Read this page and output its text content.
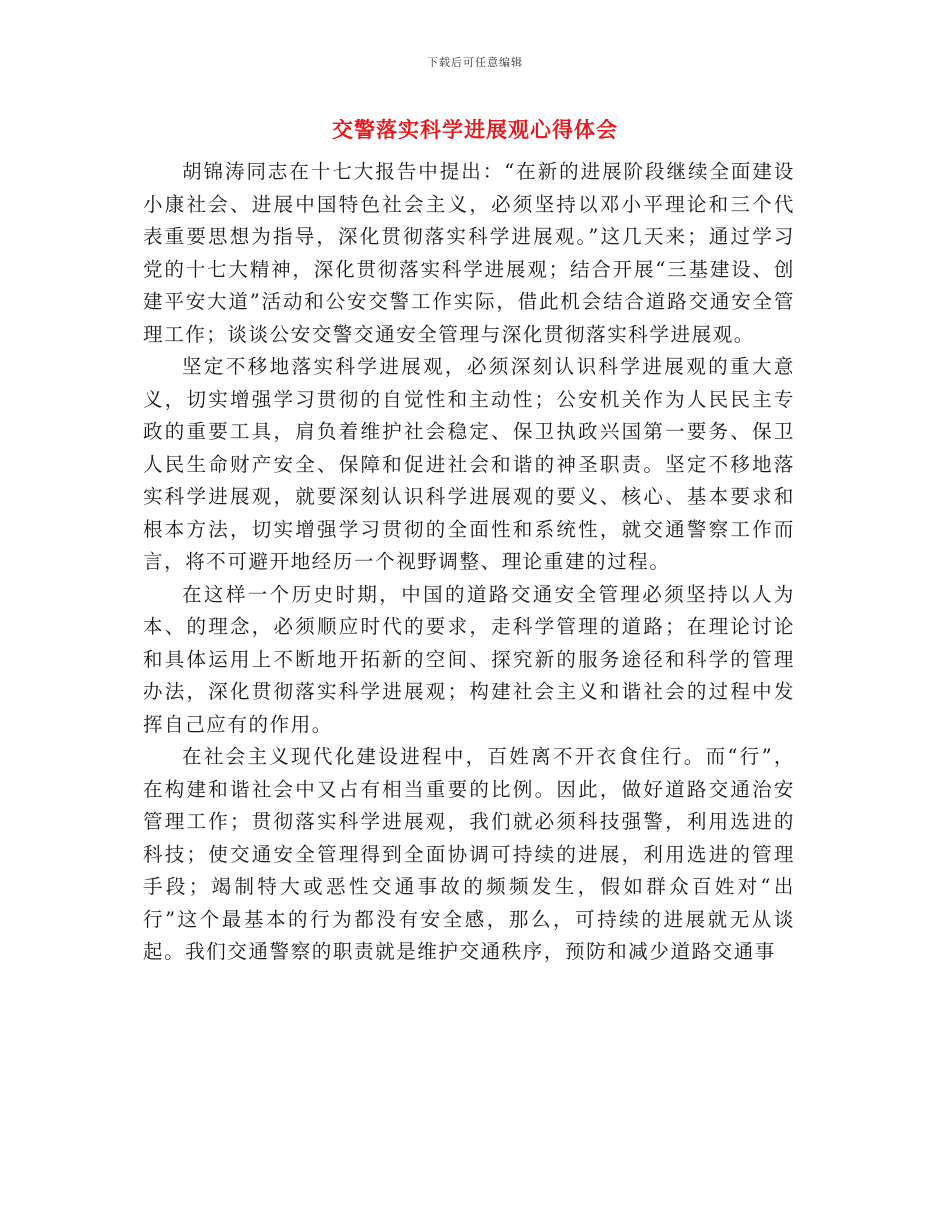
下载后可任意编辑
交警落实科学进展观心得体会

胡锦涛同志在十七大报告中提出：“在新的进展阶段继续全面建设小康社会、进展中国特色社会主义，必须坚持以邓小平理论和三个代表重要思想为指导，深化贯彻落实科学进展观。”这几天来；通过学习党的十七大精神，深化贯彻落实科学进展观；结合开展“三基建设、创建平安大道”活动和公安交警工作实际，借此机会结合道路交通安全管理工作；谈谈公安交警交通安全管理与深化贯彻落实科学进展观。

坚定不移地落实科学进展观，必须深刻认识科学进展观的重大意义，切实增强学习贯彻的自觉性和主动性；公安机关作为人民民主专政的重要工具，肩负着维护社会稳定、保卫执政兴国第一要务、保卫人民生命财产安全、保障和促进社会和谐的神圣职责。坚定不移地落实科学进展观，就要深刻认识科学进展观的要义、核心、基本要求和根本方法，切实增强学习贯彻的全面性和系统性，就交通警察工作而言，将不可避开地经历一个视野调整、理论重建的过程。

在这样一个历史时期，中国的道路交通安全管理必须坚持以人为本、的理念，必须顺应时代的要求，走科学管理的道路；在理论讨论和具体运用上不断地开拓新的空间、探究新的服务途径和科学的管理办法，深化贯彻落实科学进展观；构建社会主义和谐社会的过程中发挥自己应有的作用。

在社会主义现代化建设进程中，百姓离不开衣食住行。而“行”，在构建和谐社会中又占有相当重要的比例。因此，做好道路交通治安管理工作；贯彻落实科学进展观，我们就必须科技强警，利用选进的科技；使交通安全管理得到全面协调可持续的进展，利用选进的管理手段；竭制特大或恶性交通事故的频频发生，假如群众百姓对“出行”这个最基本的行为都没有安全感，那么，可持续的进展就无从谈起。我们交通警察的职责就是维护交通秩序，预防和减少道路交通事
